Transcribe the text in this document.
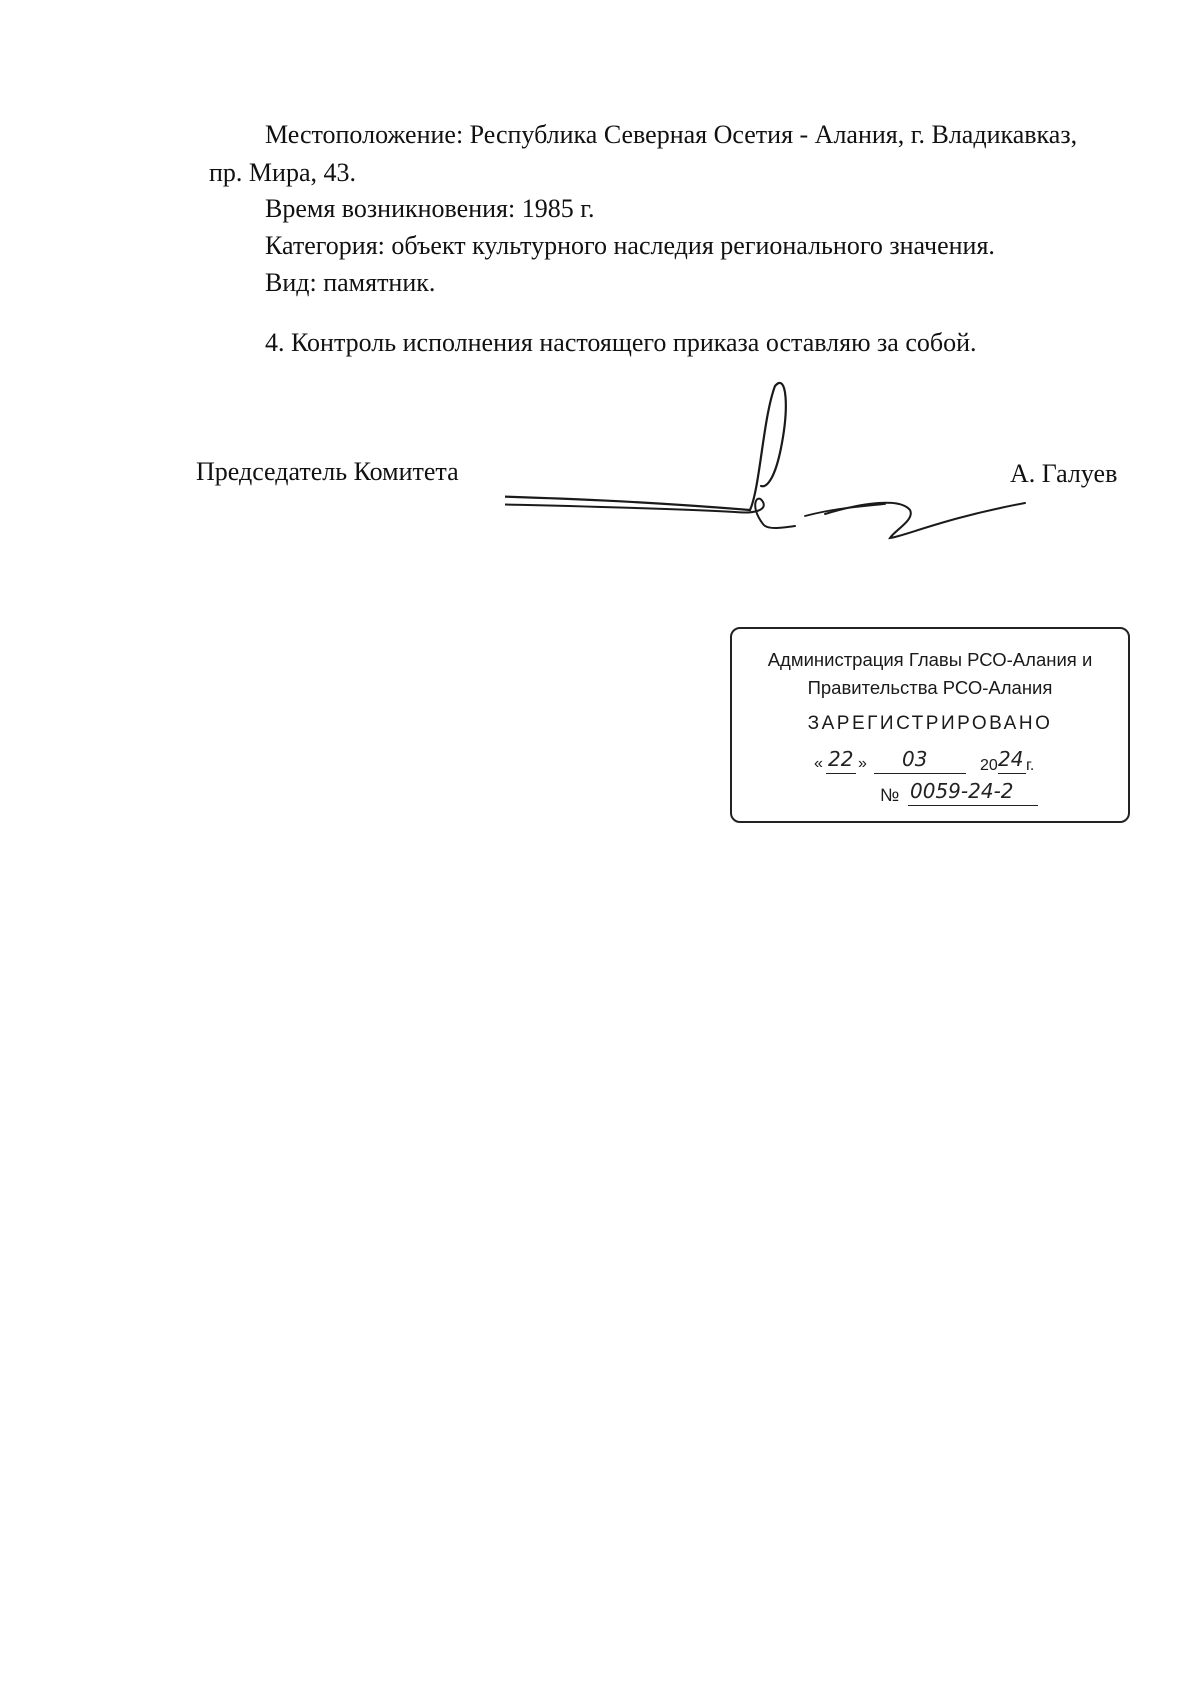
Местоположение: Республика Северная Осетия - Алания, г. Владикавказ,
пр. Мира, 43.
Время возникновения: 1985 г.
Категория: объект культурного наследия регионального значения.
Вид: памятник.
4. Контроль исполнения настоящего приказа оставляю за собой.
Председатель Комитета	А. Галуев
Администрация Главы РСО-Алания и
Правительства РСО-Алания
ЗАРЕГИСТРИРОВАНО
« 22 » 03	20 24 г.
№ 0059-24-2
